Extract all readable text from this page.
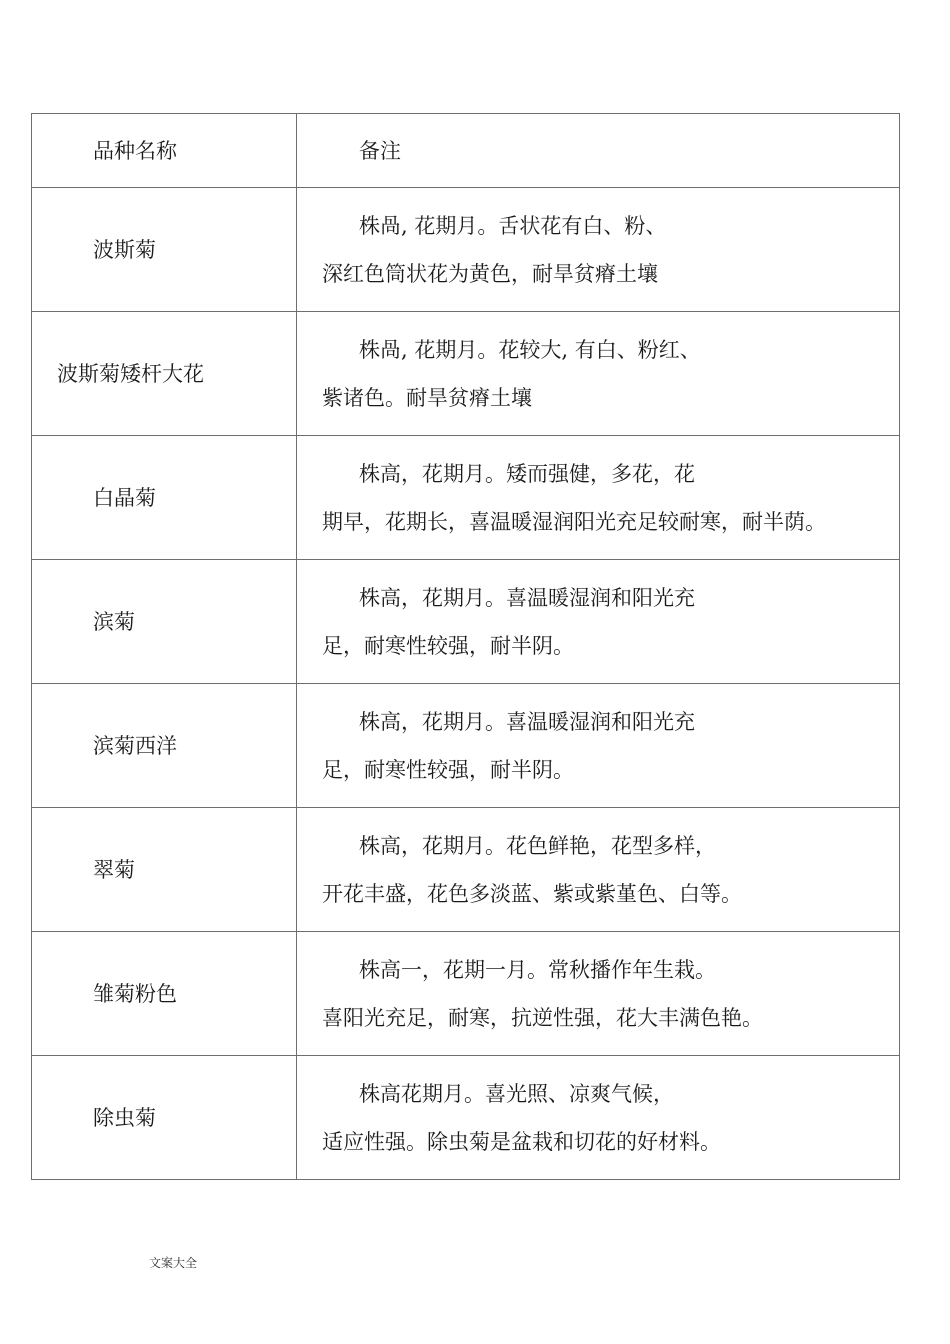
品种名称	备注
波斯菊	株咼, 花期月。舌状花有白、粉、
深红色筒状花为黄色，耐旱贫瘠土壤

波斯菊矮杆大花	株咼, 花期月。花较大, 有白、粉红、
紫诸色。耐旱贫瘠土壤

白晶菊	株高，花期月。矮而强健，多花，花
期早，花期长，喜温暖湿润阳光充足较耐寒，耐半荫。

滨菊	株高，花期月。喜温暖湿润和阳光充
足，耐寒性较强，耐半阴。

滨菊西洋	株高，花期月。喜温暖湿润和阳光充
足，耐寒性较强，耐半阴。

翠菊	株高，花期月。花色鲜艳，花型多样，
开花丰盛，花色多淡蓝、紫或紫堇色、白等。

雏菊粉色	株高一，花期一月。常秋播作年生栽。
喜阳光充足，耐寒，抗逆性强，花大丰满色艳。

除虫菊	株高花期月。喜光照、凉爽气候，
适应性强。除虫菊是盆栽和切花的好材料。
文案大全
